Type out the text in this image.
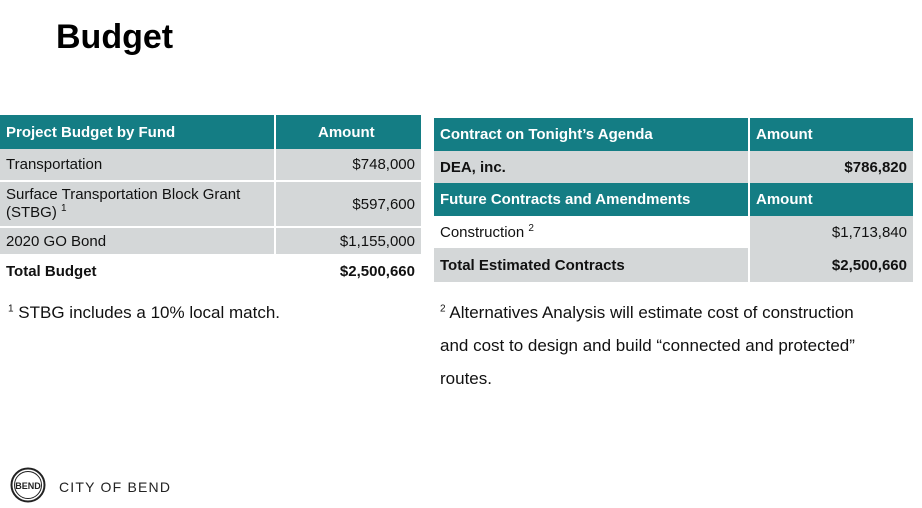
Budget
Project Budget by Fund	Amount
Transportation	$748,000
Surface Transportation Block Grant (STBG) $^1$	$597,600
2020 GO Bond	$1,155,000
Total Budget	$2,500,660
$^1$ STBG includes a 10% local match.
Contract on Tonight’s Agenda	Amount
DEA, inc.	$786,820
Future Contracts and Amendments	Amount
Construction $^2$	$1,713,840
Total Estimated Contracts	$2,500,660
$^2$ Alternatives Analysis will estimate cost of construction
and cost to design and build “connected and protected”
routes.
BEND CITY OF BEND
